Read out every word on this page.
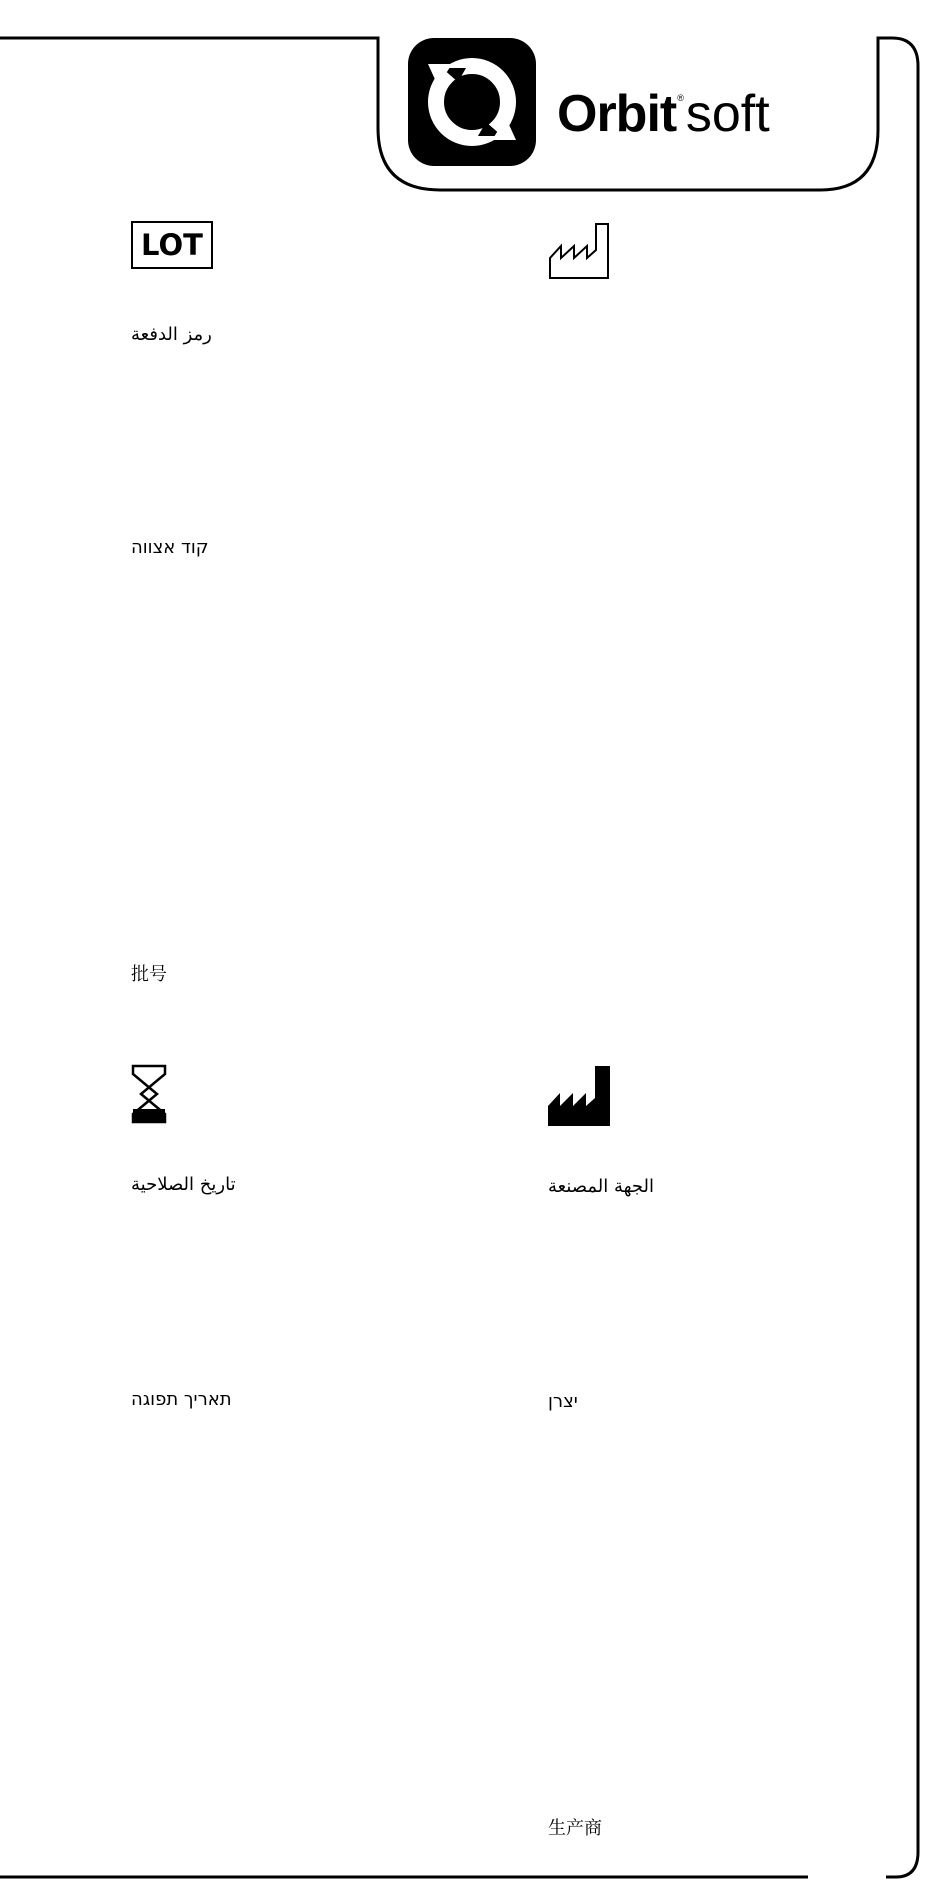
Orbit®soft
LOT
رمز الدفعة
קוד אצווה
批号
تاريخ الصلاحية	الجهة المصنعة
תאריך תפוגה	יצרן
生产商
